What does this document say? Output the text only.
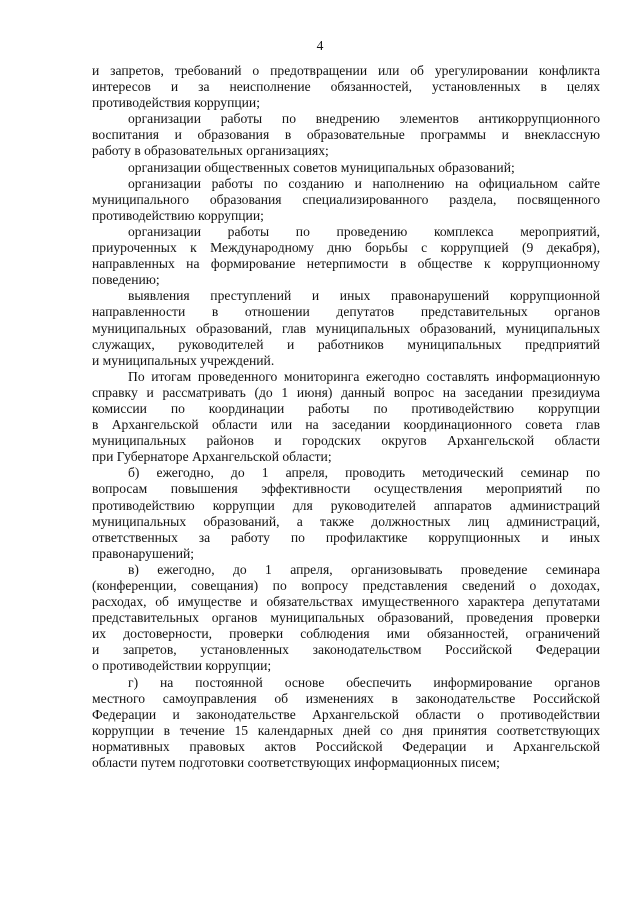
4
и запретов, требований о предотвращении или об урегулировании конфликта
интересов и за неисполнение обязанностей, установленных в целях
противодействия коррупции;
организации работы по внедрению элементов антикоррупционного
воспитания и образования в образовательные программы и внеклассную
работу в образовательных организациях;
организации общественных советов муниципальных образований;
организации работы по созданию и наполнению на официальном сайте
муниципального образования специализированного раздела, посвященного
противодействию коррупции;
организации работы по проведению комплекса мероприятий,
приуроченных к Международному дню борьбы с коррупцией (9 декабря),
направленных на формирование нетерпимости в обществе к коррупционному
поведению;
выявления преступлений и иных правонарушений коррупционной
направленности в отношении депутатов представительных органов
муниципальных образований, глав муниципальных образований, муниципальных
служащих, руководителей и работников муниципальных предприятий
и муниципальных учреждений.
По итогам проведенного мониторинга ежегодно составлять информационную
справку и рассматривать (до 1 июня) данный вопрос на заседании президиума
комиссии по координации работы по противодействию коррупции
в Архангельской области или на заседании координационного совета глав
муниципальных районов и городских округов Архангельской области
при Губернаторе Архангельской области;
б) ежегодно, до 1 апреля, проводить методический семинар по
вопросам повышения эффективности осуществления мероприятий по
противодействию коррупции для руководителей аппаратов администраций
муниципальных образований, а также должностных лиц администраций,
ответственных за работу по профилактике коррупционных и иных
правонарушений;
в) ежегодно, до 1 апреля, организовывать проведение семинара
(конференции, совещания) по вопросу представления сведений о доходах,
расходах, об имуществе и обязательствах имущественного характера депутатами
представительных органов муниципальных образований, проведения проверки
их достоверности, проверки соблюдения ими обязанностей, ограничений
и запретов, установленных законодательством Российской Федерации
о противодействии коррупции;
г) на постоянной основе обеспечить информирование органов
местного самоуправления об изменениях в законодательстве Российской
Федерации и законодательстве Архангельской области о противодействии
коррупции в течение 15 календарных дней со дня принятия соответствующих
нормативных правовых актов Российской Федерации и Архангельской
области путем подготовки соответствующих информационных писем;
